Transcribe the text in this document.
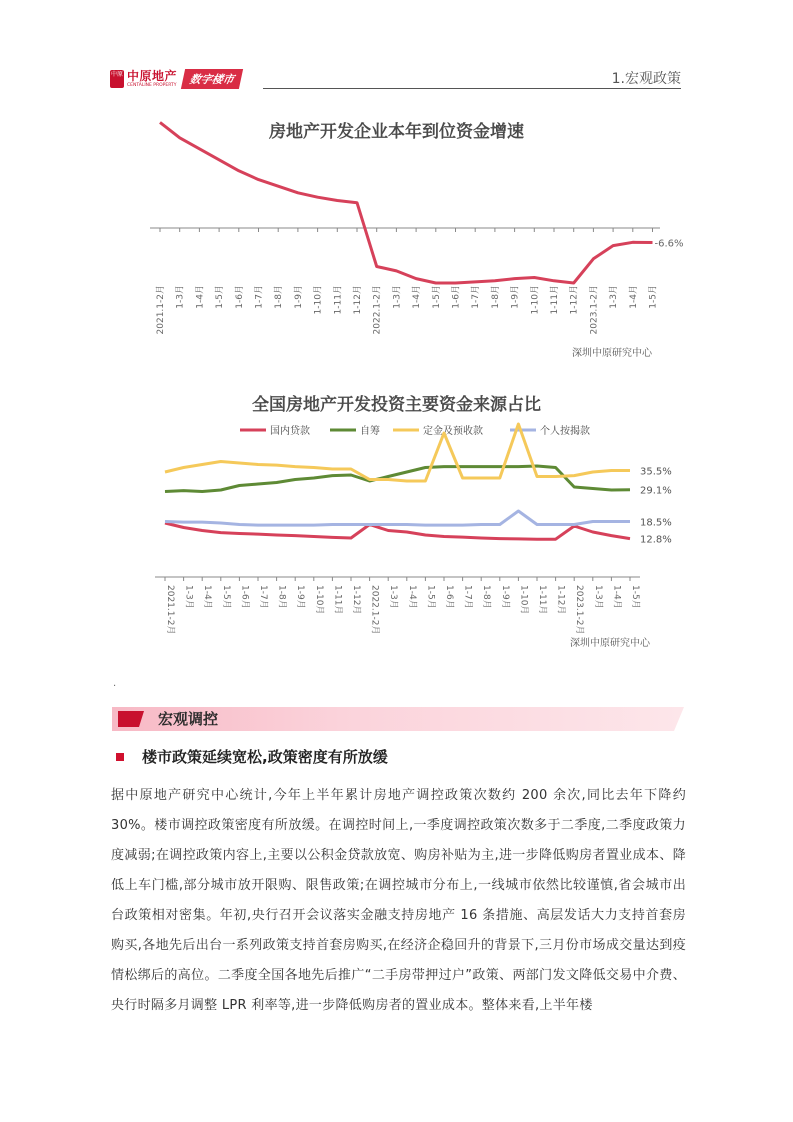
中原 中原地产
CENTALINE PROPERTY	数字楼市	1.宏观政策
房地产开发企业本年到位资金增速
2021.1-2月 1-3月 1-4月 1-5月 1-6月 1-7月 1-8月 1-9月 1-10月 1-11月 1-12月 2022.1-2月 1-3月 1-4月 1-5月 1-6月 1-7月 1-8月 1-9月 1-10月 1-11月 1-12月 2023.1-2月 1-3月 1-4月 1-5月
-6.6%
深圳中原研究中心
全国房地产开发投资主要资金来源占比
国内贷款	自筹	定金及预收款	个人按揭款
2021.1-2月 1-3月 1-4月 1-5月 1-6月 1-7月 1-8月 1-9月 1-10月 1-11月 1-12月 2022.1-2月 1-3月 1-4月 1-5月 1-6月 1-7月 1-8月 1-9月 1-10月 1-11月 1-12月 2023.1-2月 1-3月 1-4月 1-5月
35.5%
29.1%
18.5%
12.8%
深圳中原研究中心
.
宏观调控
楼市政策延续宽松,政策密度有所放缓
据中原地产研究中心统计,今年上半年累计房地产调控政策次数约 200 余次,同比去年下降约 30%。楼市调控政策密度有所放缓。在调控时间上,一季度调控政策次数多于二季度,二季度政策力度减弱;在调控政策内容上,主要以公积金贷款放宽、购房补贴为主,进一步降低购房者置业成本、降低上车门槛,部分城市放开限购、限售政策;在调控城市分布上,一线城市依然比较谨慎,省会城市出台政策相对密集。年初,央行召开会议落实金融支持房地产 16 条措施、高层发话大力支持首套房购买,各地先后出台一系列政策支持首套房购买,在经济企稳回升的背景下,三月份市场成交量达到疫情松绑后的高位。二季度全国各地先后推广“二手房带押过户”政策、两部门发文降低交易中介费、央行时隔多月调整 LPR 利率等,进一步降低购房者的置业成本。整体来看,上半年楼
